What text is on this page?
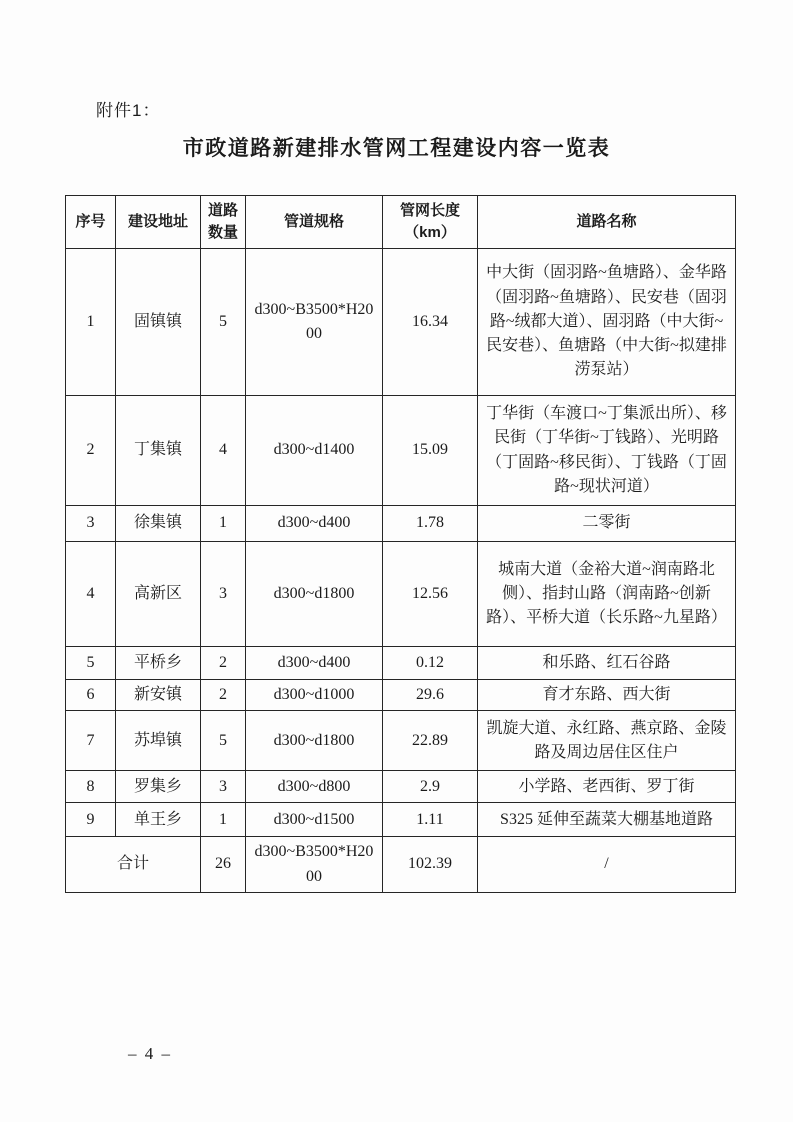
附件1：
市政道路新建排水管网工程建设内容一览表
序号	建设地址	道路数量	管道规格	管网长度（km）	道路名称
1	固镇镇	5	d300~B3500*H2000	16.34	中大街（固羽路~鱼塘路）、金华路（固羽路~鱼塘路）、民安巷（固羽路~绒都大道）、固羽路（中大街~民安巷）、鱼塘路（中大街~拟建排涝泵站）
2	丁集镇	4	d300~d1400	15.09	丁华街（车渡口~丁集派出所）、移民街（丁华街~丁钱路）、光明路（丁固路~移民街）、丁钱路（丁固路~现状河道）
3	徐集镇	1	d300~d400	1.78	二零街
4	高新区	3	d300~d1800	12.56	城南大道（金裕大道~润南路北侧）、指封山路（润南路~创新路）、平桥大道（长乐路~九星路）
5	平桥乡	2	d300~d400	0.12	和乐路、红石谷路
6	新安镇	2	d300~d1000	29.6	育才东路、西大街
7	苏埠镇	5	d300~d1800	22.89	凯旋大道、永红路、燕京路、金陵路及周边居住区住户
8	罗集乡	3	d300~d800	2.9	小学路、老西街、罗丁街
9	单王乡	1	d300~d1500	1.11	S325 延伸至蔬菜大棚基地道路
合计		26	d300~B3500*H2000	102.39	/
– 4 –
